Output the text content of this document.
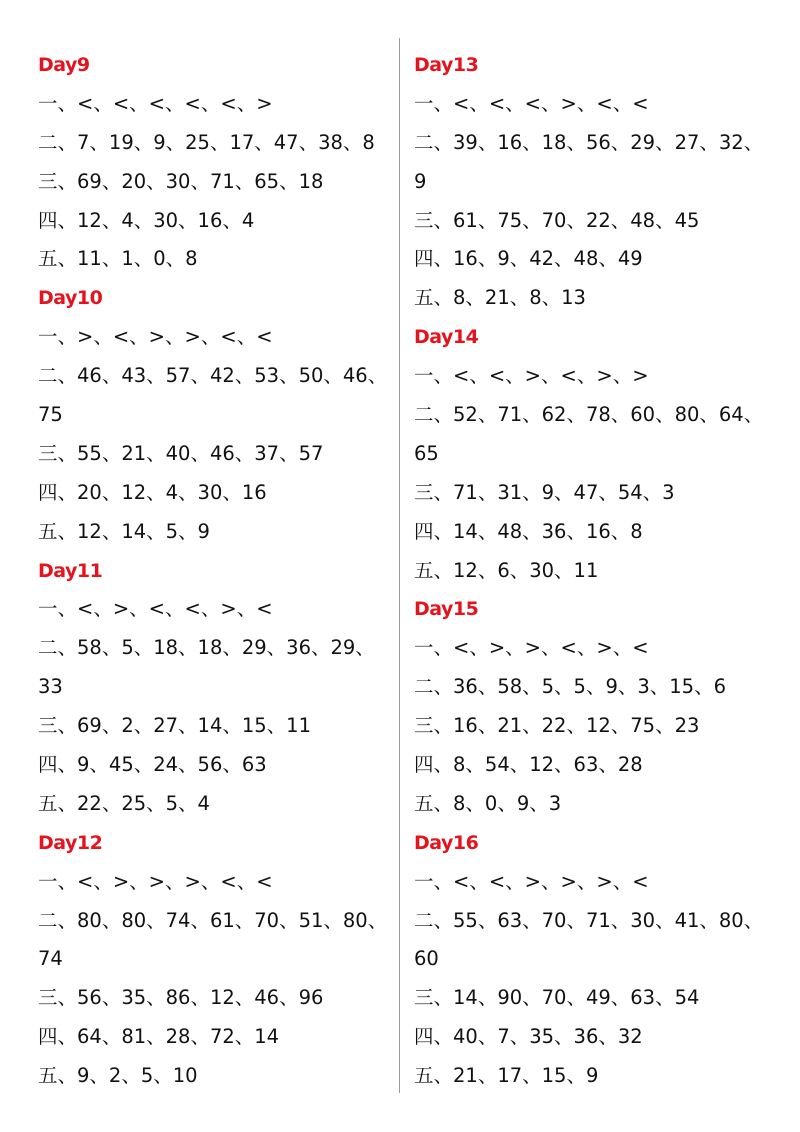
Day9
一、<、<、<、<、<、>
二、7、19、9、25、17、47、38、8
三、69、20、30、71、65、18
四、12、4、30、16、4
五、11、1、0、8
Day10
一、>、<、>、>、<、<
二、46、43、57、42、53、50、46、
75
三、55、21、40、46、37、57
四、20、12、4、30、16
五、12、14、5、9
Day11
一、<、>、<、<、>、<
二、58、5、18、18、29、36、29、
33
三、69、2、27、14、15、11
四、9、45、24、56、63
五、22、25、5、4
Day12
一、<、>、>、>、<、<
二、80、80、74、61、70、51、80、
74
三、56、35、86、12、46、96
四、64、81、28、72、14
五、9、2、5、10
Day13
一、<、<、<、>、<、<
二、39、16、18、56、29、27、32、
9
三、61、75、70、22、48、45
四、16、9、42、48、49
五、8、21、8、13
Day14
一、<、<、>、<、>、>
二、52、71、62、78、60、80、64、
65
三、71、31、9、47、54、3
四、14、48、36、16、8
五、12、6、30、11
Day15
一、<、>、>、<、>、<
二、36、58、5、5、9、3、15、6
三、16、21、22、12、75、23
四、8、54、12、63、28
五、8、0、9、3
Day16
一、<、<、>、>、>、<
二、55、63、70、71、30、41、80、
60
三、14、90、70、49、63、54
四、40、7、35、36、32
五、21、17、15、9
